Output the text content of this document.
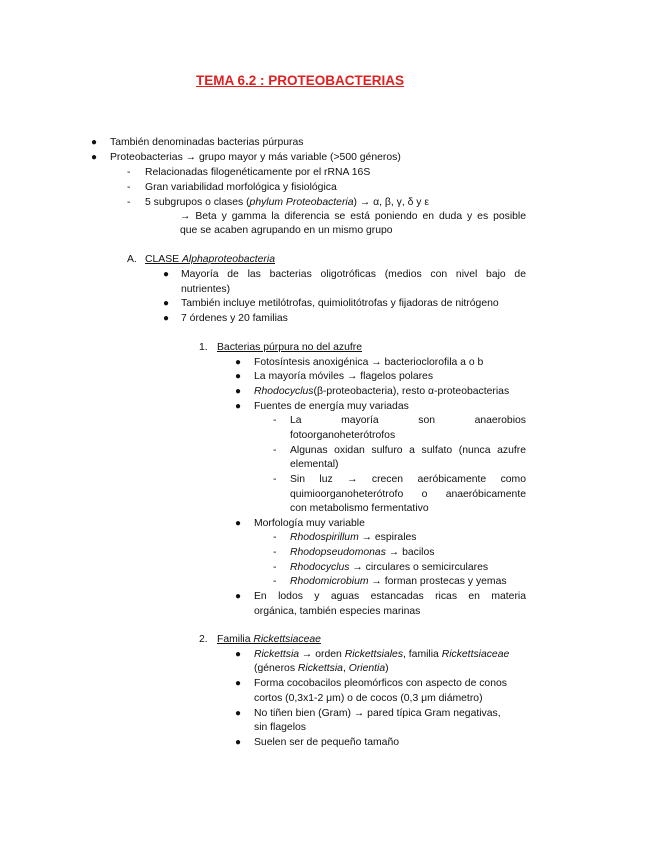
TEMA 6.2 : PROTEOBACTERIAS
● También denominadas bacterias púrpuras
● Proteobacterias → grupo mayor y más variable (>500 géneros)
- Relacionadas filogenéticamente por el rRNA 16S
- Gran variabilidad morfológica y fisiológica
- 5 subgrupos o clases (phylum Proteobacteria) → α, β, γ, δ y ε
→ Beta y gamma la diferencia se está poniendo en duda y es posible
que se acaben agrupando en un mismo grupo
A. CLASE Alphaproteobacteria
● Mayoría de las bacterias oligotróficas (medios con nivel bajo de
nutrientes)
● También incluye metilótrofas, quimiolitótrofas y fijadoras de nitrógeno
● 7 órdenes y 20 familias
1. Bacterias púrpura no del azufre
● Fotosíntesis anoxigénica → bacterioclorofila a o b
● La mayoría móviles → flagelos polares
● Rhodocyclus(β-proteobacteria), resto α-proteobacterias
● Fuentes de energía muy variadas
- La mayoría son anaerobios
fotoorganoheterótrofos
- Algunas oxidan sulfuro a sulfato (nunca azufre
elemental)
- Sin luz → crecen aeróbicamente como
quimioorganoheterótrofo o anaeróbicamente
con metabolismo fermentativo
● Morfología muy variable
- Rhodospirillum → espirales
- Rhodopseudomonas → bacilos
- Rhodocyclus → circulares o semicirculares
- Rhodomicrobium → forman prostecas y yemas
● En lodos y aguas estancadas ricas en materia
orgánica, también especies marinas
2. Familia Rickettsiaceae
● Rickettsia → orden Rickettsiales, familia Rickettsiaceae
(géneros Rickettsia, Orientia)
● Forma cocobacilos pleomórficos con aspecto de conos
cortos (0,3x1-2 μm) o de cocos (0,3 μm diámetro)
● No tiñen bien (Gram) → pared típica Gram negativas,
sin flagelos
● Suelen ser de pequeño tamaño
